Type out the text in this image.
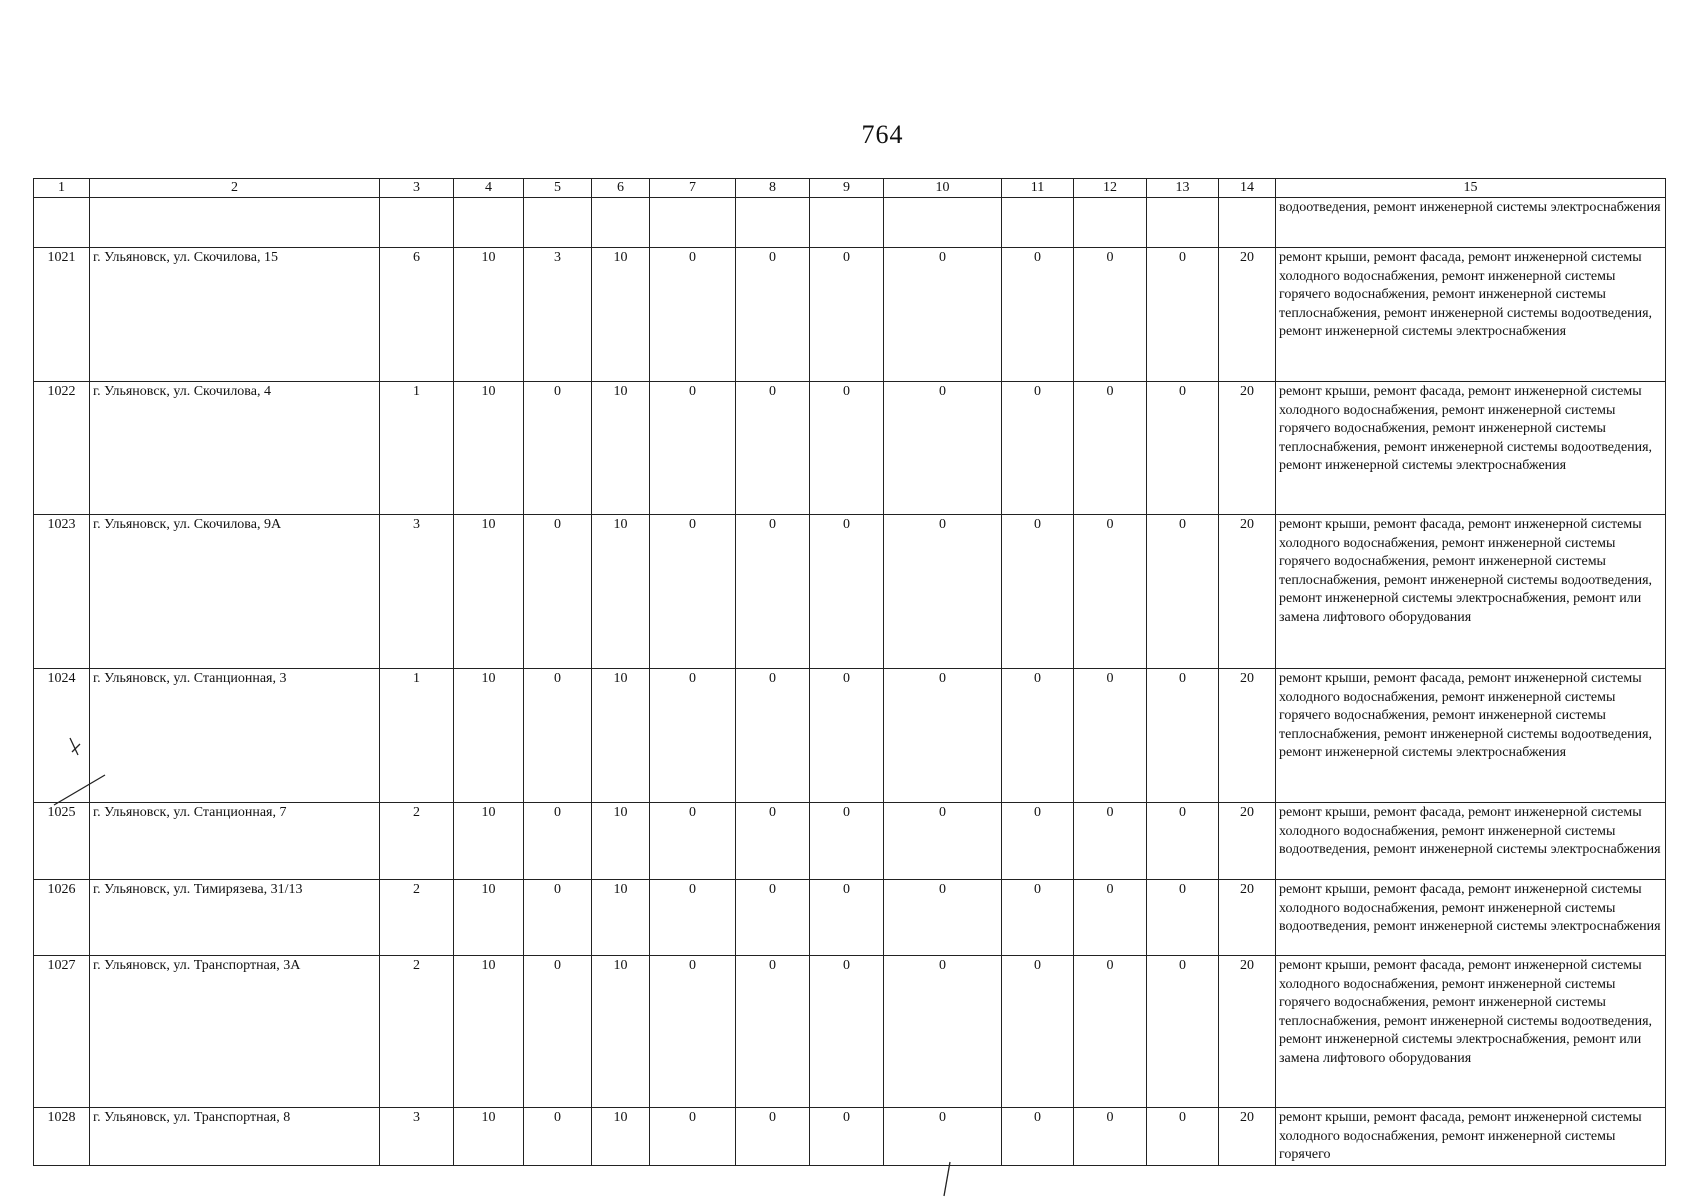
764
1	2	3	4	5	6	7	8	9	10	11	12	13	14	15
														водоотведения, ремонт инженерной системы электроснабжения
1021	г. Ульяновск, ул. Скочилова, 15	6	10	3	10	0	0	0	0	0	0	0	20	ремонт крыши, ремонт фасада, ремонт инженерной системы холодного водоснабжения, ремонт инженерной системы горячего водоснабжения, ремонт инженерной системы теплоснабжения, ремонт инженерной системы водоотведения, ремонт инженерной системы электроснабжения
1022	г. Ульяновск, ул. Скочилова, 4	1	10	0	10	0	0	0	0	0	0	0	20	ремонт крыши, ремонт фасада, ремонт инженерной системы холодного водоснабжения, ремонт инженерной системы горячего водоснабжения, ремонт инженерной системы теплоснабжения, ремонт инженерной системы водоотведения, ремонт инженерной системы электроснабжения
1023	г. Ульяновск, ул. Скочилова, 9А	3	10	0	10	0	0	0	0	0	0	0	20	ремонт крыши, ремонт фасада, ремонт инженерной системы холодного водоснабжения, ремонт инженерной системы горячего водоснабжения, ремонт инженерной системы теплоснабжения, ремонт инженерной системы водоотведения, ремонт инженерной системы электроснабжения, ремонт или замена лифтового оборудования
1024	г. Ульяновск, ул. Станционная, 3	1	10	0	10	0	0	0	0	0	0	0	20	ремонт крыши, ремонт фасада, ремонт инженерной системы холодного водоснабжения, ремонт инженерной системы горячего водоснабжения, ремонт инженерной системы теплоснабжения, ремонт инженерной системы водоотведения, ремонт инженерной системы электроснабжения
1025	г. Ульяновск, ул. Станционная, 7	2	10	0	10	0	0	0	0	0	0	0	20	ремонт крыши, ремонт фасада, ремонт инженерной системы холодного водоснабжения, ремонт инженерной системы водоотведения, ремонт инженерной системы электроснабжения
1026	г. Ульяновск, ул. Тимирязева, 31/13	2	10	0	10	0	0	0	0	0	0	0	20	ремонт крыши, ремонт фасада, ремонт инженерной системы холодного водоснабжения, ремонт инженерной системы водоотведения, ремонт инженерной системы электроснабжения
1027	г. Ульяновск, ул. Транспортная, 3А	2	10	0	10	0	0	0	0	0	0	0	20	ремонт крыши, ремонт фасада, ремонт инженерной системы холодного водоснабжения, ремонт инженерной системы горячего водоснабжения, ремонт инженерной системы теплоснабжения, ремонт инженерной системы водоотведения, ремонт инженерной системы электроснабжения, ремонт или замена лифтового оборудования
1028	г. Ульяновск, ул. Транспортная, 8	3	10	0	10	0	0	0	0	0	0	0	20	ремонт крыши, ремонт фасада, ремонт инженерной системы холодного водоснабжения, ремонт инженерной системы горячего
